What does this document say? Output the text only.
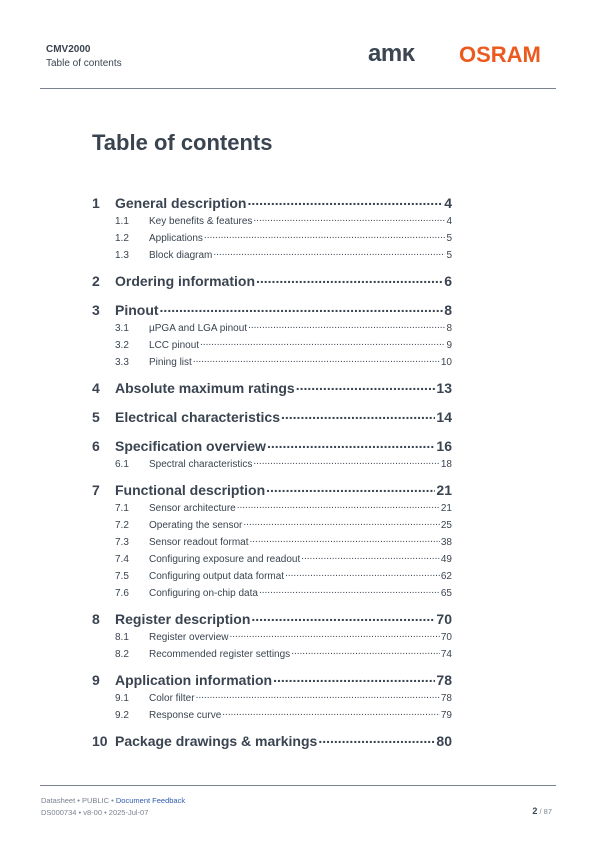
CMV2000
Table of contents	amĸ OSRAM
Table of contents
1	General description .....	4
1.1	Key benefits & features .....	4
1.2	Applications .....	5
1.3	Block diagram .....	5
2	Ordering information .....	6
3	Pinout .....	8
3.1	µPGA and LGA pinout .....	8
3.2	LCC pinout .....	9
3.3	Pining list .....	10
4	Absolute maximum ratings .....	13
5	Electrical characteristics .....	14
6	Specification overview .....	16
6.1	Spectral characteristics .....	18
7	Functional description .....	21
7.1	Sensor architecture .....	21
7.2	Operating the sensor .....	25
7.3	Sensor readout format .....	38
7.4	Configuring exposure and readout .....	49
7.5	Configuring output data format .....	62
7.6	Configuring on-chip data .....	65
8	Register description .....	70
8.1	Register overview .....	70
8.2	Recommended register settings .....	74
9	Application information .....	78
9.1	Color filter .....	78
9.2	Response curve .....	79
10 Package drawings & markings .....	80
Datasheet • PUBLIC • Document Feedback
DS000734 • v8-00 • 2025-Jul-07	2 / 87
